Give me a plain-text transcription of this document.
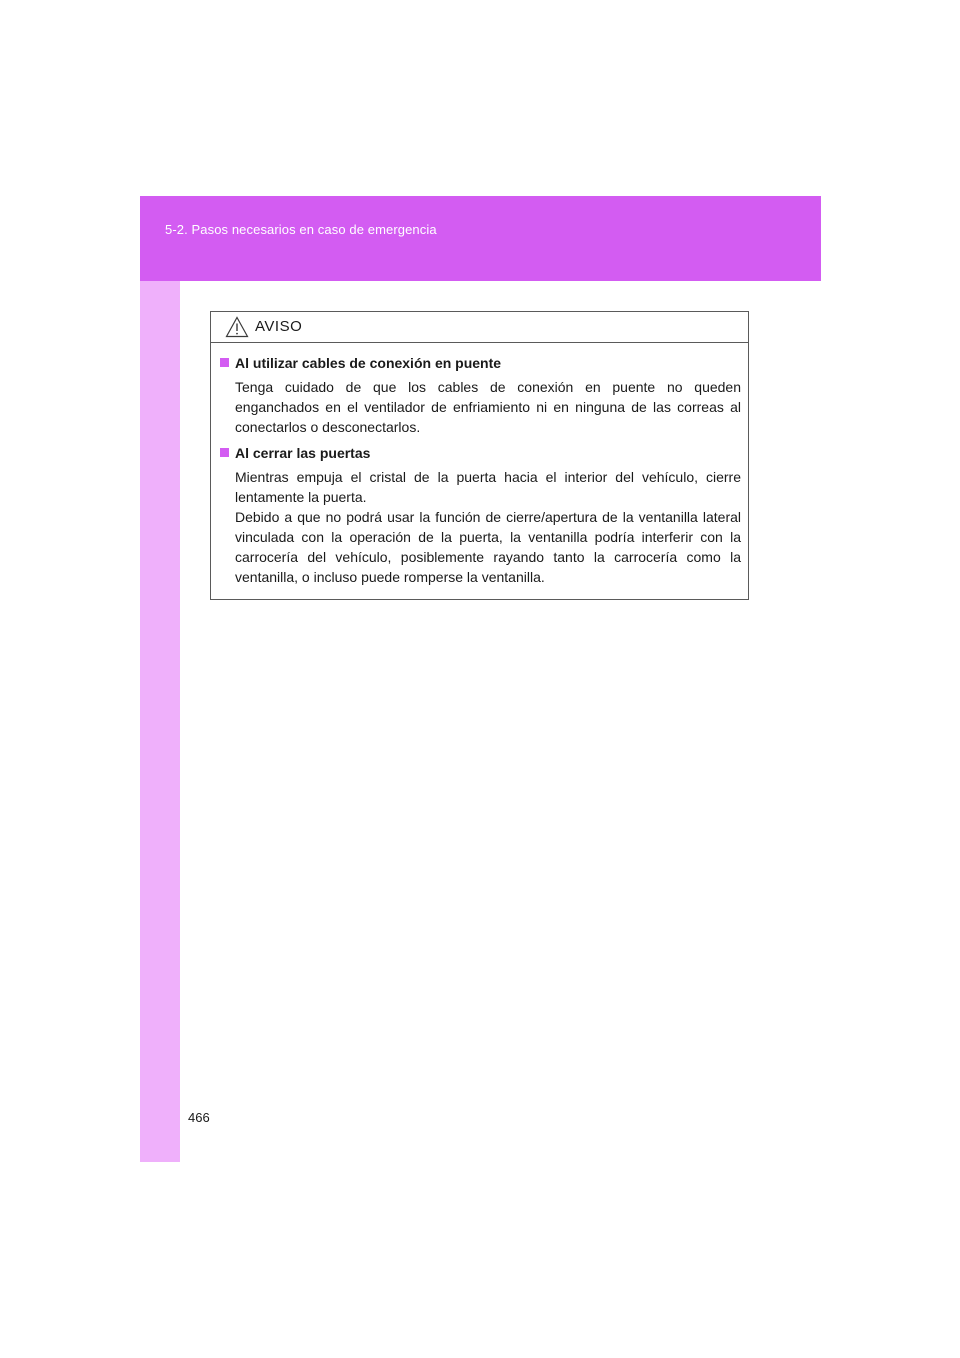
5-2. Pasos necesarios en caso de emergencia
AVISO
Al utilizar cables de conexión en puente

Tenga cuidado de que los cables de conexión en puente no queden enganchados en el ventilador de enfriamiento ni en ninguna de las correas al conectarlos o desconectarlos.

Al cerrar las puertas

Mientras empuja el cristal de la puerta hacia el interior del vehículo, cierre lentamente la puerta.

Debido a que no podrá usar la función de cierre/apertura de la ventanilla lateral vinculada con la operación de la puerta, la ventanilla podría interferir con la carrocería del vehículo, posiblemente rayando tanto la carrocería como la ventanilla, o incluso puede romperse la ventanilla.

466
